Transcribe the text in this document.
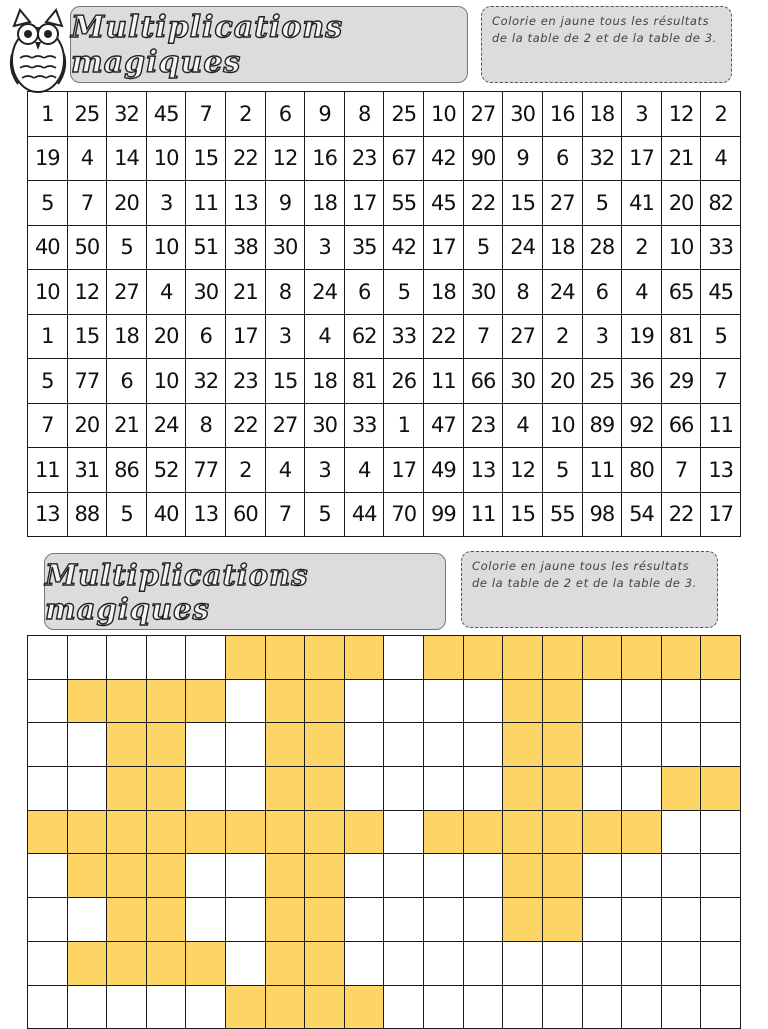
Multiplications magiques
Colorie en jaune tous les résultats de la table de 2 et de la table de 3.
1	25	32	45	7	2	6	9	8	25	10	27	30	16	18	3	12	2
19	4	14	10	15	22	12	16	23	67	42	90	9	6	32	17	21	4
5	7	20	3	11	13	9	18	17	55	45	22	15	27	5	41	20	82
40	50	5	10	51	38	30	3	35	42	17	5	24	18	28	2	10	33
10	12	27	4	30	21	8	24	6	5	18	30	8	24	6	4	65	45
1	15	18	20	6	17	3	4	62	33	22	7	27	2	3	19	81	5
5	77	6	10	32	23	15	18	81	26	11	66	30	20	25	36	29	7
7	20	21	24	8	22	27	30	33	1	47	23	4	10	89	92	66	11
11	31	86	52	77	2	4	3	4	17	49	13	12	5	11	80	7	13
13	88	5	40	13	60	7	5	44	70	99	11	15	55	98	54	22	17
Multiplications magiques
Colorie en jaune tous les résultats de la table de 2 et de la table de 3.
